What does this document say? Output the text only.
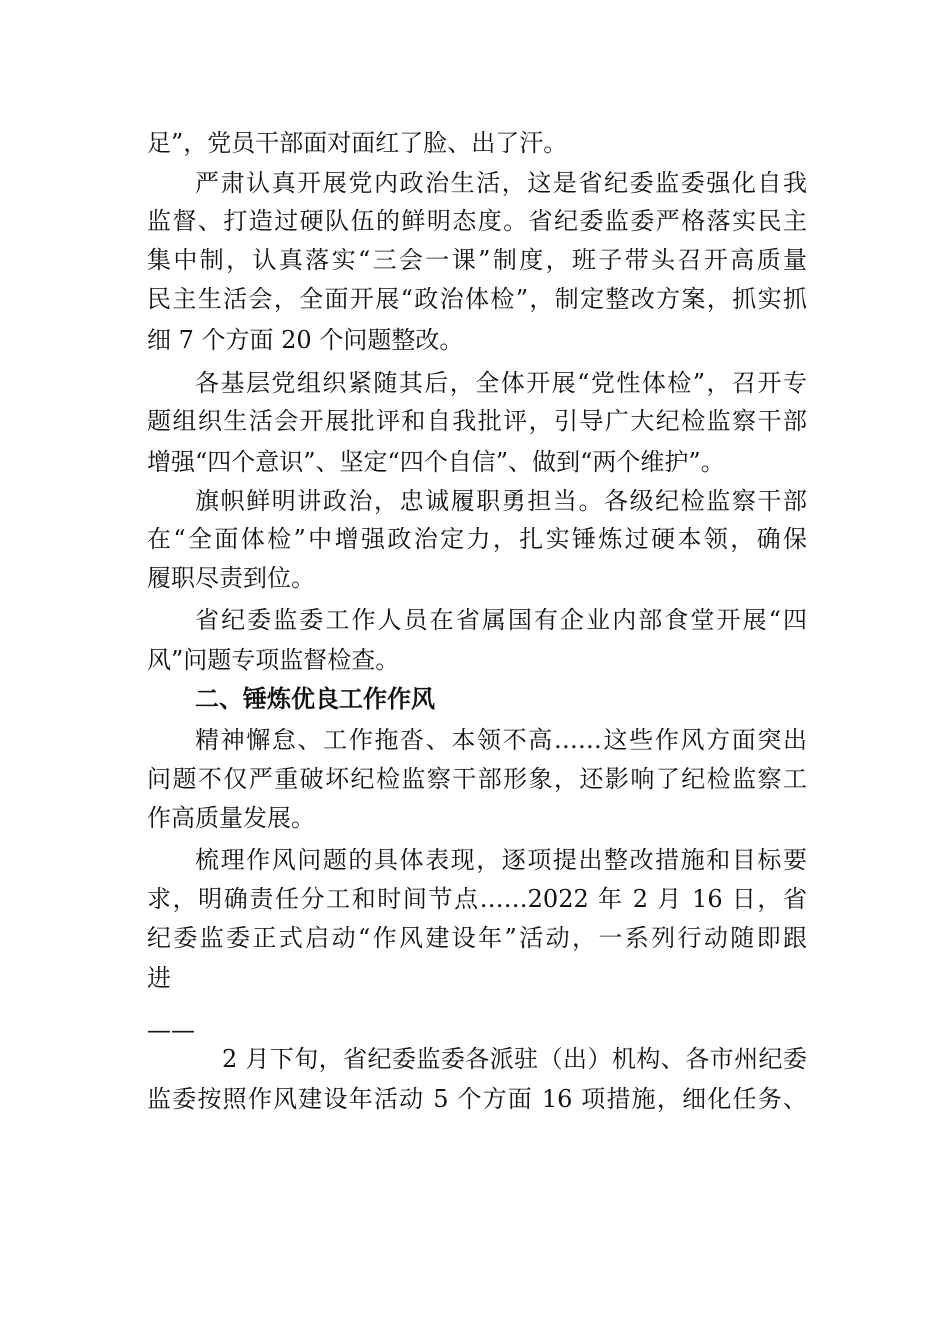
足”，党员干部面对面红了脸、出了汗。
严肃认真开展党内政治生活，这是省纪委监委强化自我
监督、打造过硬队伍的鲜明态度。省纪委监委严格落实民主
集中制，认真落实“三会一课”制度，班子带头召开高质量
民主生活会，全面开展“政治体检”，制定整改方案，抓实抓
细 7 个方面 20 个问题整改。
各基层党组织紧随其后，全体开展“党性体检”，召开专
题组织生活会开展批评和自我批评，引导广大纪检监察干部
增强“四个意识”、坚定“四个自信”、做到“两个维护”。
旗帜鲜明讲政治，忠诚履职勇担当。各级纪检监察干部
在“全面体检”中增强政治定力，扎实锤炼过硬本领，确保
履职尽责到位。
省纪委监委工作人员在省属国有企业内部食堂开展“四
风”问题专项监督检查。
二、锤炼优良工作作风
精神懈怠、工作拖沓、本领不高……这些作风方面突出
问题不仅严重破坏纪检监察干部形象，还影响了纪检监察工
作高质量发展。
梳理作风问题的具体表现，逐项提出整改措施和目标要
求，明确责任分工和时间节点……2022 年 2 月 16 日，省
纪委监委正式启动“作风建设年”活动，一系列行动随即跟
进
——
2 月下旬，省纪委监委各派驻（出）机构、各市州纪委
监委按照作风建设年活动 5 个方面 16 项措施，细化任务、
